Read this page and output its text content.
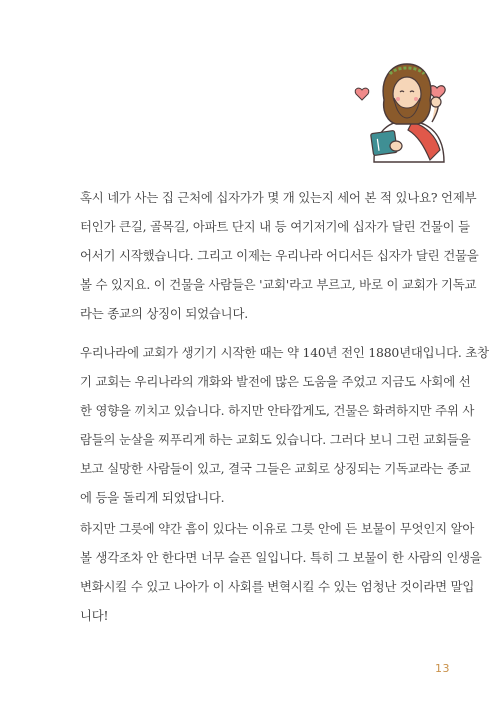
혹시 네가 사는 집 근처에 십자가가 몇 개 있는지 세어 본 적 있나요? 언제부
터인가 큰길, 골목길, 아파트 단지 내 등 여기저기에 십자가 달린 건물이 들
어서기 시작했습니다. 그리고 이제는 우리나라 어디서든 십자가 달린 건물을
볼 수 있지요. 이 건물을 사람들은 '교회'라고 부르고, 바로 이 교회가 기독교
라는 종교의 상징이 되었습니다.
우리나라에 교회가 생기기 시작한 때는 약 140년 전인 1880년대입니다. 초창
기 교회는 우리나라의 개화와 발전에 많은 도움을 주었고 지금도 사회에 선
한 영향을 끼치고 있습니다. 하지만 안타깝게도, 건물은 화려하지만 주위 사
람들의 눈살을 찌푸리게 하는 교회도 있습니다. 그러다 보니 그런 교회들을
보고 실망한 사람들이 있고, 결국 그들은 교회로 상징되는 기독교라는 종교
에 등을 돌리게 되었답니다.
하지만 그릇에 약간 흠이 있다는 이유로 그릇 안에 든 보물이 무엇인지 알아
볼 생각조차 안 한다면 너무 슬픈 일입니다. 특히 그 보물이 한 사람의 인생을
변화시킬 수 있고 나아가 이 사회를 변혁시킬 수 있는 엄청난 것이라면 말입
니다!
13
